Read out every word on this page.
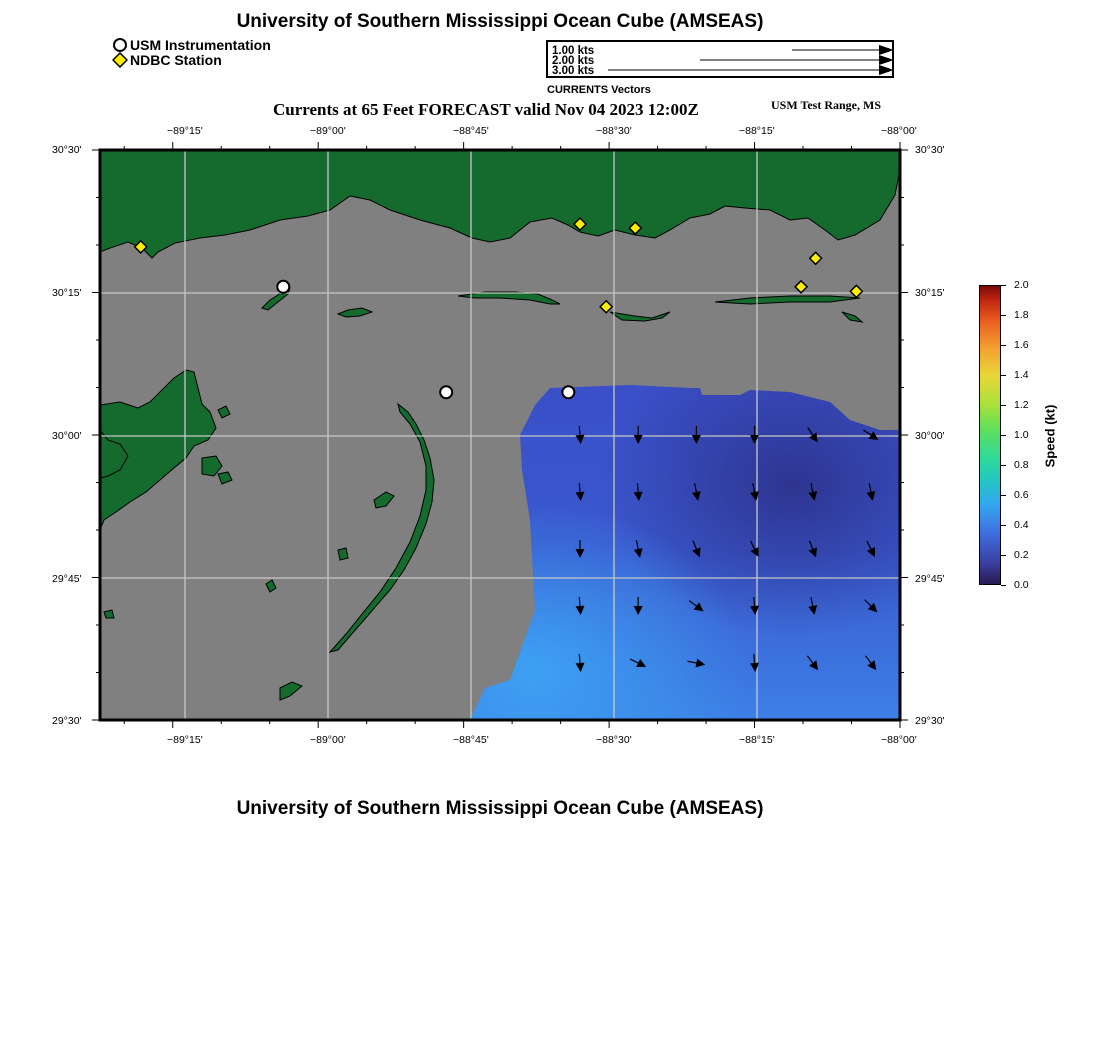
University of Southern Mississippi Ocean Cube (AMSEAS)
USM Instrumentation
NDBC Station
1.00 kts
2.00 kts
3.00 kts
CURRENTS Vectors
Currents at 65 Feet FORECAST valid Nov 04 2023 12:00Z	USM Test Range, MS
−89°15'	−89°00'	−88°45'	−88°30'	−88°15'	−88°00'
−89°15'	−89°00'	−88°45'	−88°30'	−88°15'	−88°00'
30°30'
30°15'
30°00'
29°45'
29°30'
30°30'
30°15'
30°00'
29°45'
29°30'
2.0
1.8
1.6
1.4
1.2
1.0
0.8
0.6
0.4
0.2
0.0
Speed (kt)
University of Southern Mississippi Ocean Cube (AMSEAS)
